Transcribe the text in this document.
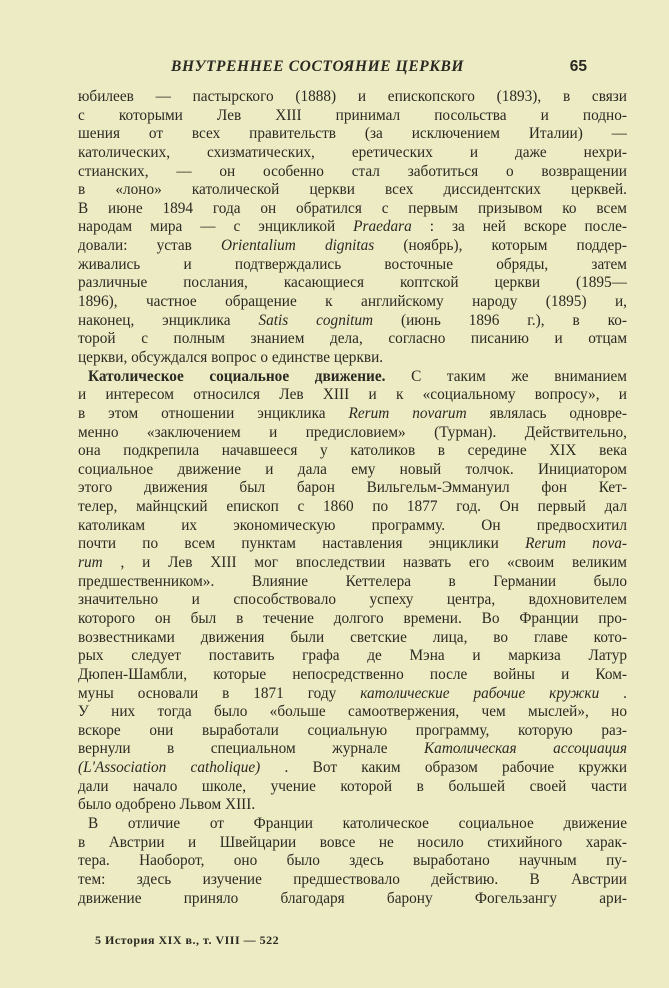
ВНУТРЕННЕЕ СОСТОЯНИЕ ЦЕРКВИ	65
юбилеев — пастырского (1888) и епископского (1893), в связи
с которыми Лев XIII принимал посольства и подно-
шения от всех правительств (за исключением Италии) —
католических, схизматических, еретических и даже нехри-
стианских, — он особенно стал заботиться о возвращении
в «лоно» католической церкви всех диссидентских церквей.
В июне 1894 года он обратился с первым призывом ко всем
народам мира — с энцикликой Praedara : за ней вскоре после-
довали: устав Orientalium dignitas (ноябрь), которым поддер-
живались и подтверждались восточные обряды, затем
различные послания, касающиеся коптской церкви (1895—
1896), частное обращение к английскому народу (1895) и,
наконец, энциклика Satis cognitum (июнь 1896 г.), в ко-
торой с полным знанием дела, согласно писанию и отцам
церкви, обсуждался вопрос о единстве церкви.
Католическое социальное движение. С таким же вниманием
и интересом относился Лев XIII и к «социальному вопросу», и
в этом отношении энциклика Rerum novarum являлась одновре-
менно «заключением и предисловием» (Турман). Действительно,
она подкрепила начавшееся у католиков в середине XIX века
социальное движение и дала ему новый толчок. Инициатором
этого движения был барон Вильгельм-Эммануил фон Кет-
телер, майнцский епископ с 1860 по 1877 год. Он первый дал
католикам их экономическую программу. Он предвосхитил
почти по всем пунктам наставления энциклики Rerum nova-
rum , и Лев XIII мог впоследствии назвать его «своим великим
предшественником». Влияние Кеттелера в Германии было
значительно и способствовало успеху центра, вдохновителем
которого он был в течение долгого времени. Во Франции про-
возвестниками движения были светские лица, во главе кото-
рых следует поставить графа де Мэна и маркиза Латур
Дюпен-Шамбли, которые непосредственно после войны и Ком-
муны основали в 1871 году католические рабочие кружки .
У них тогда было «больше самоотвержения, чем мыслей», но
вскоре они выработали социальную программу, которую раз-
вернули в специальном журнале Католическая ассоциация
(L'Association catholique) . Вот каким образом рабочие кружки
дали начало школе, учение которой в большей своей части
было одобрено Львом XIII.
В отличие от Франции католическое социальное движение
в Австрии и Швейцарии вовсе не носило стихийного харак-
тера. Наоборот, оно было здесь выработано научным пу-
тем: здесь изучение предшествовало действию. В Австрии
движение приняло благодаря барону Фогельзангу ари-
5 История XIX в., т. VIII — 522
